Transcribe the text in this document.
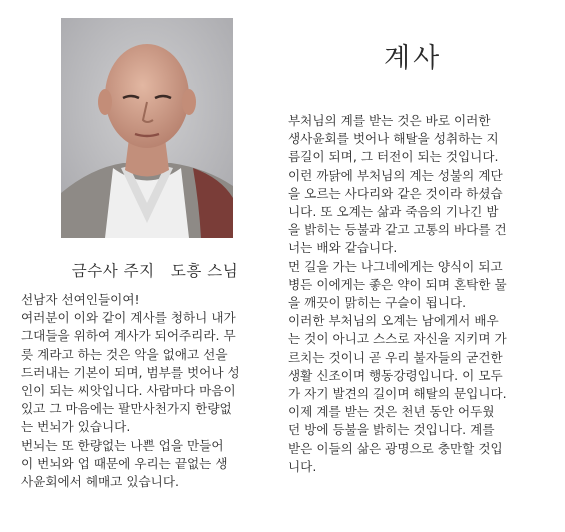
금수사 주지   도흥 스님
계사

선남자 선여인들이여!

여러분이 이와 같이 계사를 청하니 내가

그대들을 위하여 계사가 되어주리라. 무

릇 계라고 하는 것은 악을 없애고 선을

드러내는 기본이 되며, 범부를 벗어나 성

인이 되는 씨앗입니다. 사람마다 마음이

있고 그 마음에는 팔만사천가지 한량없

는 번뇌가 있습니다.

번뇌는 또 한량없는 나쁜 업을 만들어

이 번뇌와 업 때문에 우리는 끝없는 생

사윤회에서 헤매고 있습니다.

부처님의 계를 받는 것은 바로 이러한

생사윤회를 벗어나 해탈을 성취하는 지

름길이 되며, 그 터전이 되는 것입니다.

이런 까닭에 부처님의 계는 성불의 계단

을 오르는 사다리와 같은 것이라 하셨습

니다. 또 오계는 삶과 죽음의 기나긴 밤

을 밝히는 등불과 같고 고통의 바다를 건

너는 배와 같습니다.

먼 길을 가는 나그네에게는 양식이 되고

병든 이에게는 좋은 약이 되며 혼탁한 물

을 깨끗이 맑히는 구슬이 됩니다.

이러한 부처님의 오계는 남에게서 배우

는 것이 아니고 스스로 자신을 지키며 가

르치는 것이니 곧 우리 불자들의 굳건한

생활 신조이며 행동강령입니다. 이 모두

가 자기 발견의 길이며 해탈의 문입니다.

이제 계를 받는 것은 천년 동안 어두웠

던 방에 등불을 밝히는 것입니다. 계를

받은 이들의 삶은 광명으로 충만할 것입

니다.
